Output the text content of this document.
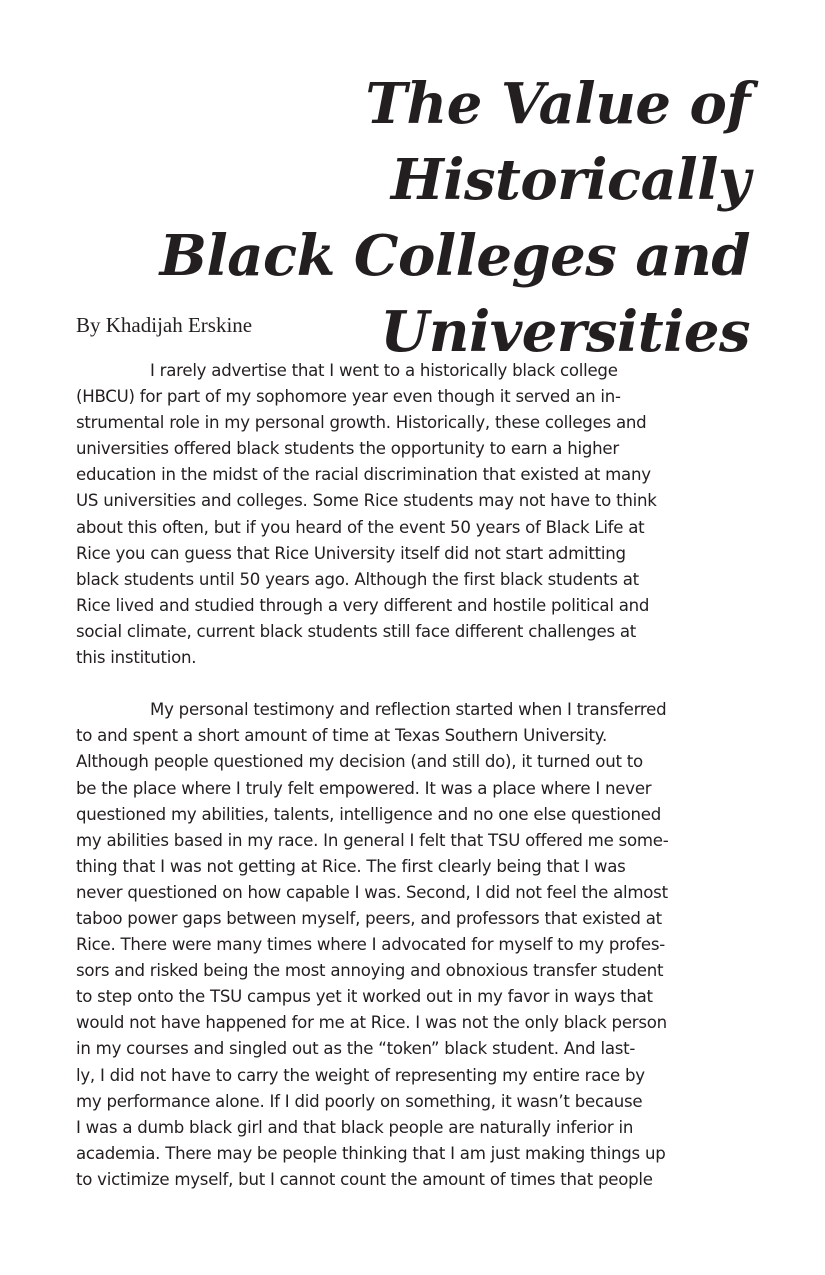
The Value of Historically
Black Colleges and
Universities
By Khadijah Erskine
I rarely advertise that I went to a historically black college
(HBCU) for part of my sophomore year even though it served an in-
strumental role in my personal growth. Historically, these colleges and
universities offered black students the opportunity to earn a higher
education in the midst of the racial discrimination that existed at many
US universities and colleges. Some Rice students may not have to think
about this often, but if you heard of the event 50 years of Black Life at
Rice you can guess that Rice University itself did not start admitting
black students until 50 years ago. Although the first black students at
Rice lived and studied through a very different and hostile political and
social climate, current black students still face different challenges at
this institution.
My personal testimony and reflection started when I transferred
to and spent a short amount of time at Texas Southern University.
Although people questioned my decision (and still do), it turned out to
be the place where I truly felt empowered. It was a place where I never
questioned my abilities, talents, intelligence and no one else questioned
my abilities based in my race. In general I felt that TSU offered me some-
thing that I was not getting at Rice. The first clearly being that I was
never questioned on how capable I was. Second, I did not feel the almost
taboo power gaps between myself, peers, and professors that existed at
Rice. There were many times where I advocated for myself to my profes-
sors and risked being the most annoying and obnoxious transfer student
to step onto the TSU campus yet it worked out in my favor in ways that
would not have happened for me at Rice. I was not the only black person
in my courses and singled out as the “token” black student. And last-
ly, I did not have to carry the weight of representing my entire race by
my performance alone. If I did poorly on something, it wasn’t because
I was a dumb black girl and that black people are naturally inferior in
academia. There may be people thinking that I am just making things up
to victimize myself, but I cannot count the amount of times that people
